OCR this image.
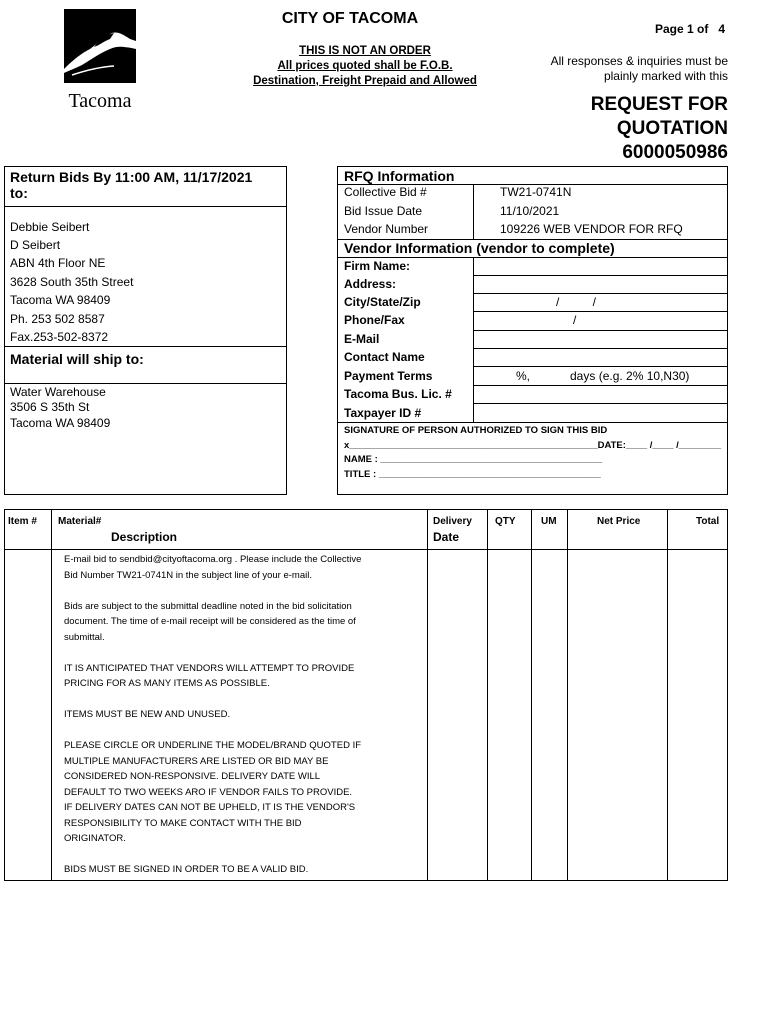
Tacoma
CITY OF TACOMA
THIS IS NOT AN ORDER
All prices quoted shall be F.O.B.
Destination, Freight Prepaid and Allowed
Page 1 of   4
All responses & inquiries must be
plainly marked with this
REQUEST FOR
QUOTATION
6000050986
Return Bids By 11:00 AM, 11/17/2021
to:
Debbie Seibert
D Seibert
ABN 4th Floor NE
3628 South 35th Street
Tacoma WA 98409
Ph. 253 502 8587
Fax.253-502-8372
Material will ship to:
Water Warehouse
3506 S 35th St
Tacoma WA 98409
RFQ Information
Collective Bid #	TW21-0741N
Bid Issue Date	11/10/2021
Vendor Number	109226 WEB VENDOR FOR RFQ
Vendor Information (vendor to complete)
Firm Name:
Address:
City/State/Zip	/          /
Phone/Fax	/
E-Mail
Contact Name
Payment Terms	%,            days (e.g. 2% 10,N30)
Tacoma Bus. Lic. #
Taxpayer ID #
SIGNATURE OF PERSON AUTHORIZED TO SIGN THIS BID
x_______________________________________________DATE:____ /____ /________
NAME : __________________________________________
TITLE : __________________________________________
Item # Material#
Description
Delivery
Date
QTY	UM	Net Price	Total
E-mail bid to sendbid@cityoftacoma.org . Please include the Collective
Bid Number TW21-0741N in the subject line of your e-mail.
Bids are subject to the submittal deadline noted in the bid solicitation
document. The time of e-mail receipt will be considered as the time of
submittal.
IT IS ANTICIPATED THAT VENDORS WILL ATTEMPT TO PROVIDE
PRICING FOR AS MANY ITEMS AS POSSIBLE.
ITEMS MUST BE NEW AND UNUSED.
PLEASE CIRCLE OR UNDERLINE THE MODEL/BRAND QUOTED IF
MULTIPLE MANUFACTURERS ARE LISTED OR BID MAY BE
CONSIDERED NON-RESPONSIVE. DELIVERY DATE WILL
DEFAULT TO TWO WEEKS ARO IF VENDOR FAILS TO PROVIDE.
IF DELIVERY DATES CAN NOT BE UPHELD, IT IS THE VENDOR'S
RESPONSIBILITY TO MAKE CONTACT WITH THE BID
ORIGINATOR.
BIDS MUST BE SIGNED IN ORDER TO BE A VALID BID.
